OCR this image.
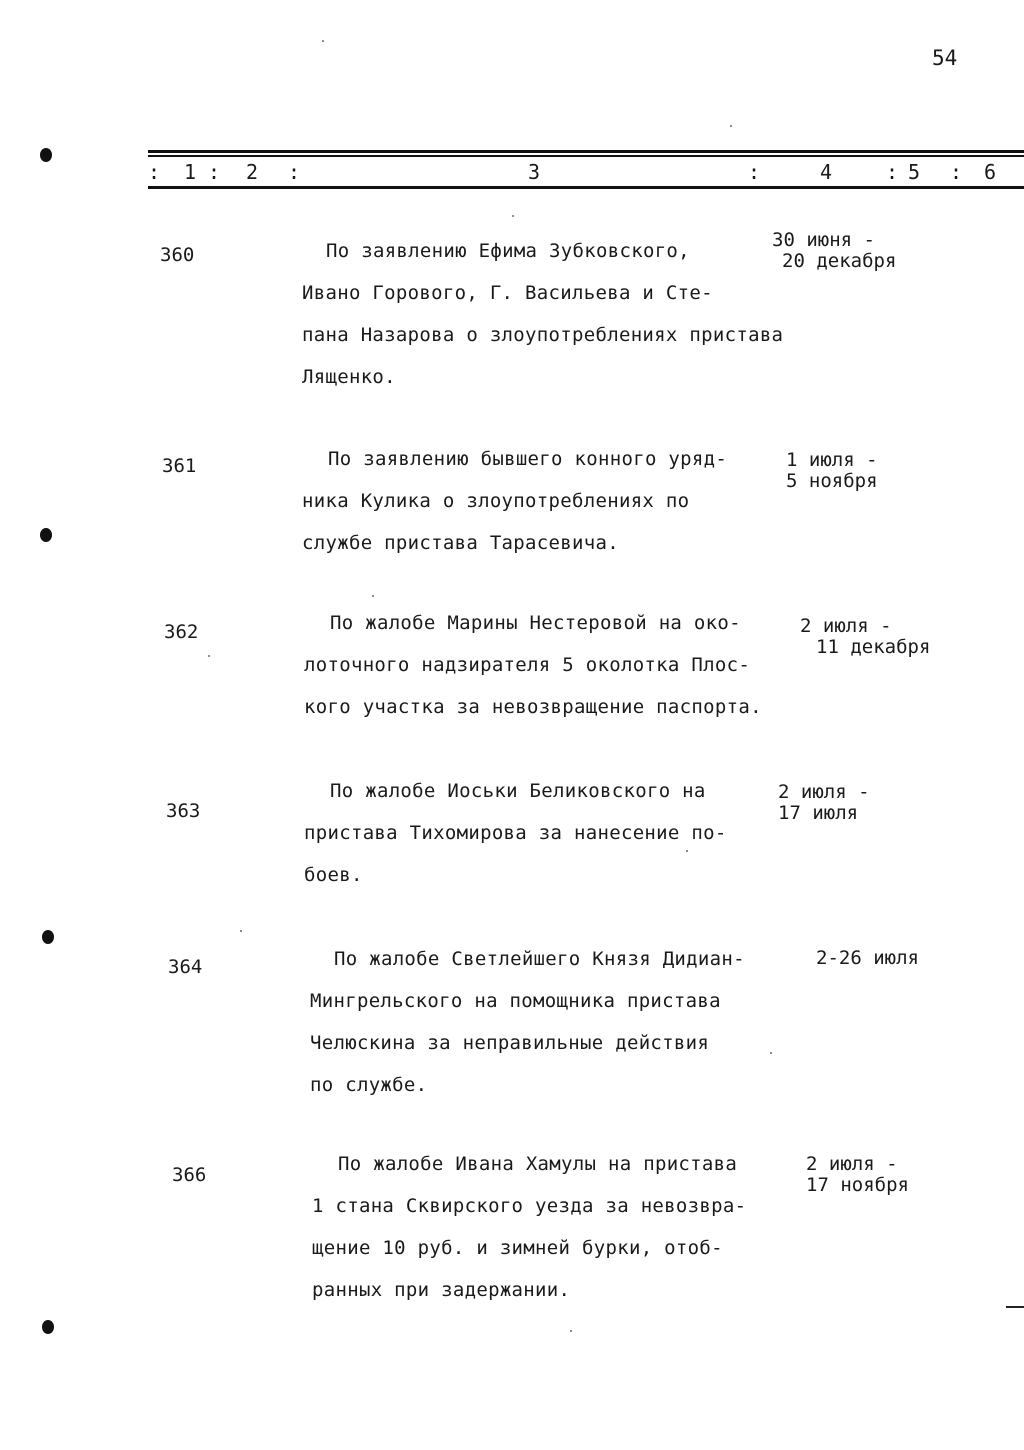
54
: 1 : 2 :	3	:	4	: 5 : 6
360	По заявлению Ефима Зубковского,
Ивано Горового, Г. Васильева и Сте-
пана Назарова о злоупотреблениях пристава
Лященко.
30 июня -
20 декабря
361	По заявлению бывшего конного уряд-
ника Кулика о злоупотреблениях по
службе пристава Тарасевича.
1 июля -
5 ноября
362	По жалобе Марины Нестеровой на око-
лоточного надзирателя 5 околотка Плос-
кого участка за невозвращение паспорта.
2 июля -
11 декабря
363
По жалобе Иоськи Беликовского на
пристава Тихомирова за нанесение по-
боев.
2 июля -
17 июля
364	По жалобе Светлейшего Князя Дидиан-
Мингрельского на помощника пристава
Челюскина за неправильные действия
по службе.
2-26 июля
366	По жалобе Ивана Хамулы на пристава
1 стана Сквирского уезда за невозвра-
щение 10 руб. и зимней бурки, отоб-
ранных при задержании.
2 июля -
17 ноября
